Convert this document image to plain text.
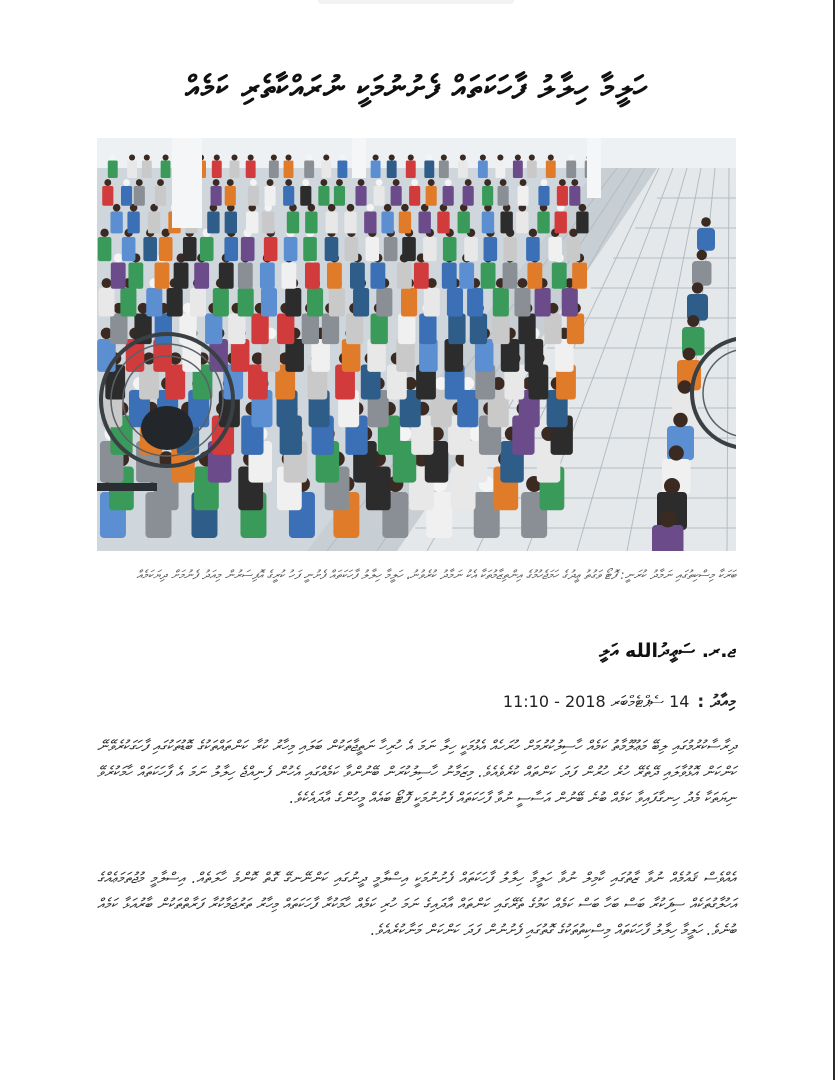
ހަލީމާ ހިލާލު ފާހަކަތައް ފެށުނުމަކީ ނުރައްކާތެރި ކަމެއް

ބަރަކާ މިސްކިތުގައި ނަމާދު ކުރަނީ: ފޮޓޯ ވަގުތު ޢީދުގެ ހަމަޖެހުމުގެ އިންތިޒާމުތަކާ އެކު ނަމާދު ކުރެވުނު، ހަލީމާ ހިލާލު ފާހަކަތައް ފެށުނީ ފަހު ކުރީގެ އޮފިސަރުން މިއަދު ފެނުމަށް ދިޔަކަމެއް

ޖ.ރ. ސަޢީދުالله އަލީ

މިއާދު :
14 ސެޕްޓެމްބަރ 2018 - 11:10

ދިރާސާކުރުމުގައި ލިބޭ މަޢުލޫމާތު ކަމެއް ހާސިލުކުރުމަށް ހުރަހެއް އެޅުމަކީ ހިލާ ނަމަ އެ ހުރިހާ ނަތީޖާތަކުން ބަލައި މިހާރު ކުރާ ކަންތައްތަކުގެ ބޮޑުތަކުގައި ފާހަގަކުރެވޭނޭ ކަންކަން އޮޅުވާލައި ދޭތެރޭ ހުރެ ހުރުން ފަދަ ކަންތައް ކުރެވެއެވެ. މިޒަމާނު ހާސިލުކުރަން ބޭނުންވާ ކަމެއްގައި އެހުން ފެނިއްޖެ ހިލާލު ނަމަ އެ ފާހަކަތައް ހާމަކުރެވޭ ނިޔަތަކާ މެދު ހިނގާފައިވާ ކަމެއް ބުނެ ބޭނުން އަސާސީ ނުވާ ފާހަކަތައް ފެށުނުމަކީ ފޮޓޯ ބައެއް މީހުންގެ އާދައެކެވެ.

އެއްވެސް ޤައުމެއް ނުވާ ޒާތުގައި ކާމިލް ނުވާ ހަލީމާ ހިލާލު ފާހަކަތައް ފެށުނުމަކީ އިސްލާމީ ދީނުގައި ކަންނޭނގޭ ގޮތް ކޮންމެ ހާލަތެއް. އިސްލާމީ މުޖުތަމަޢެއްގެ އަހުލާގުތަކެއް ސިފަކުރާ ބަސް ބަހާ ބަސް ކަމެއް ކަމުގެ ތެރޭގައި ކަންތައް އާދައިގެ ނަމަ ހުރި ކަމެއް ހާމަކުރާ ފާހަކަތައް މިހާރު ތަރުޖަމާކުރާ ފަރާތްތަކުން ބާރުއަޅާ ކަމެއް ބުނެވެ. ހަލީމާ ހިލާލު ފާހަކަތައް މިސްކިތުތަކުގެ ގޮތުގައި ފެށުނުން ފަދަ ކަންކަން މަނާކުރެއެވެ.
